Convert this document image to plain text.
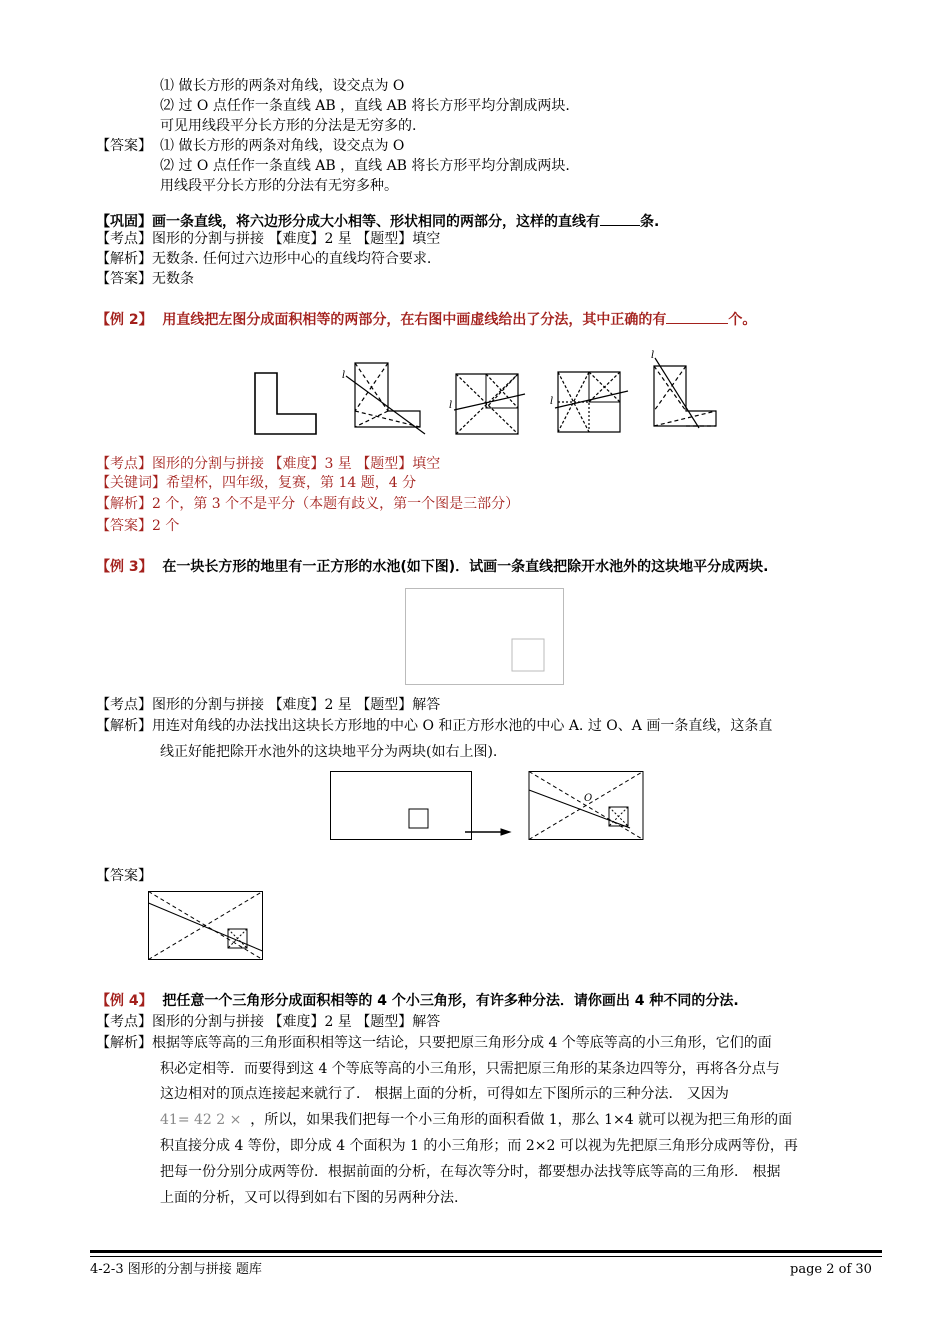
⑴ 做长方形的两条对角线，设交点为 O
⑵ 过 O 点任作一条直线 AB ，直线 AB 将长方形平均分割成两块.
可见用线段平分长方形的分法是无穷多的.
【答案】 ⑴ 做长方形的两条对角线，设交点为 O
⑵ 过 O 点任作一条直线 AB ，直线 AB 将长方形平均分割成两块.
用线段平分长方形的分法有无穷多种。
【巩固】画一条直线，将六边形分成大小相等、形状相同的两部分，这样的直线有	条.
【考点】图形的分割与拼接 【难度】2 星 【题型】填空
【解析】无数条. 任何过六边形中心的直线均符合要求.
【答案】无数条
【例 2】 用直线把左图分成面积相等的两部分，在右图中画虚线给出了分法，其中正确的有	个。
l
l	l
l
【考点】图形的分割与拼接 【难度】3 星 【题型】填空
【关键词】希望杯，四年级，复赛，第 14 题，4 分
【解析】2 个，第 3 个不是平分（本题有歧义，第一个图是三部分）
【答案】2 个
【例 3】 在一块长方形的地里有一正方形的水池(如下图)．试画一条直线把除开水池外的这块地平分成两块.
【考点】图形的分割与拼接 【难度】2 星 【题型】解答
【解析】用连对角线的办法找出这块长方形地的中心 O 和正方形水池的中心 A. 过 O、A 画一条直线，这条直
线正好能把除开水池外的这块地平分为两块(如右上图).
O
【答案】
【例 4】 把任意一个三角形分成面积相等的 4 个小三角形，有许多种分法．请你画出 4 种不同的分法.
【考点】图形的分割与拼接 【难度】2 星 【题型】解答
【解析】根据等底等高的三角形面积相等这一结论，只要把原三角形分成 4 个等底等高的小三角形，它们的面
积必定相等．而要得到这 4 个等底等高的小三角形，只需把原三角形的某条边四等分，再将各分点与
这边相对的顶点连接起来就行了． 根据上面的分析，可得如左下图所示的三种分法． 又因为
41= 42 2 × ，所以，如果我们把每一个小三角形的面积看做 1，那么 1×4 就可以视为把三角形的面
积直接分成 4 等份，即分成 4 个面积为 1 的小三角形；而 2×2 可以视为先把原三角形分成两等份，再
把每一份分别分成两等份．根据前面的分析，在每次等分时，都要想办法找等底等高的三角形． 根据
上面的分析，又可以得到如右下图的另两种分法.
4-2-3 图形的分割与拼接 题库	page 2 of 30
